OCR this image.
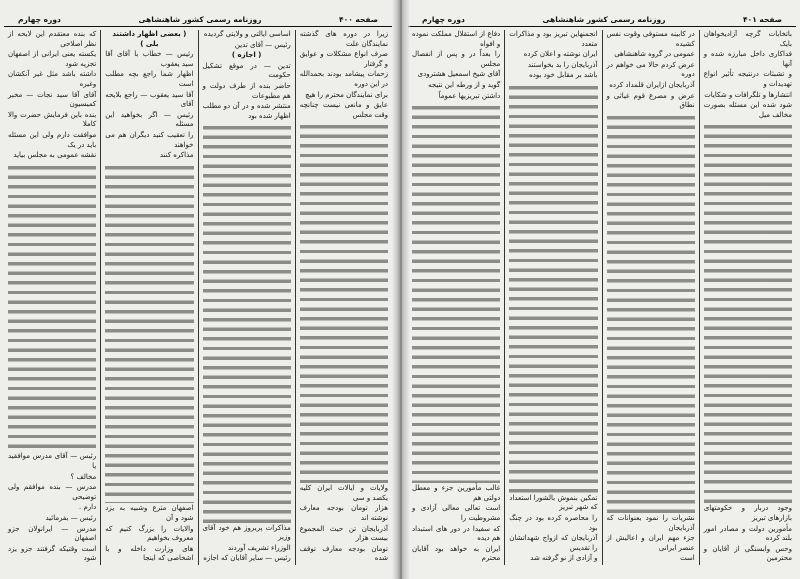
صفحه ۴۰۰
روزنامه رسمی کشور شاهنشاهی
دوره چهارم

زیرا در دوره های گذشته نمایندگان علت

صرف انواع مشکلات و عوایق و گرفتار

زحمات پیشامد بودند بحمدالله در این دوره

برای نمایندگان محترم را هیچ

عایق و مانعی نیست چنانچه وقت مجلس

ولایات و ایالات ایران کلیه یکصد و سی

هزار تومان بودجه معارف نوشته اند

آذربایجان تن حیث المجموع بیست هزار

تومان بودجه معارف توقف شده

اساسی ایالتی و ولایتی گردیده

رئیس — آقای تدین

( اجازه )

تدین — در موقع تشکیل حکومت

حاضر بنده از طرف دولت و هم مطبوعات

منتشر شده و در آن دو مطلب اظهار شده بود

مذاکرات پریروز هم خود آقای وزیر

الوزراء تشریف آوردند

رئیس — سایر آقایان که اجازه

( بعضی اظهار داشتند بلی )

رئیس — خطاب با آقای آقا سید یعقوب

اظهار شما راجع بچه مطلب است

آقا سید یعقوب — راجع بلایحه آقای

رئیس — اگر بخواهید این مسئله

را تعقیب کنید دیگران هم می خواهند

مذاکره کنند

اصفهان مترع وشبیه به یزد شود و آن

والایات را بزرگ کنیم که معروف بخواهیم

های وزارت داخله و با اشخاصی که اینجا

که بنده معتقدم این لایحه از نظر اصلاحی

یکسته یعنی ایرانی از اصفهان تجزیه شود

داشته باشد مثل غیر آنکشان وغیره

آقای آقا سید نجات — مخبر کمیسیون

بنده باین فرمایش حضرت والا کاملا

موافقت دارم ولی این مسئله باید در یک

نقشه عمومی به مجلس بیاید

رئیس — آقای مدرس موافقید یا

مخالف ؟

مدرس — بنده موافقم ولی توضیحی

دارم .

رئیس — بفرمائید

مدرس — ایرانولان جزو اصفهان

است وقتیکه گرفتند جزو یزد شود

صفحه ۴۰۱
روزنامه رسمی کشور شاهنشاهی
دوره چهارم

باتخابات گرچه آزادیخواهان بایک

فداکاری داخل مبارزه شده و آنها

و تشبثات درنتیجه تأثیر انواع تهدیدات و

انتشارها و تلگرافات و شکایات

شود شده این مسئله بصورت مخالف میل

وجود دربار و حکومتهای بازارهای تبریز

مأمورین دولت و مصادر امور بلند کرده

وحس وابستگی از آقایان و محترمین

در کابینه مستوفی وقوت نفس کشیده

عمومی در گروه شاهنشاهی

عرض کردم حالا می خواهم در دوره

آذربایجان ازایران قلمداد کرده

عرض و مصرع قوم غیاثی و نطاق

نشریات را نمود بعنوانات که آذربایجان

جزء مهم ایران و اعالیش از عنصر ایرانی

است

انجمنهاین تبریز بود و مذاکرات متعدد

ایران نوشته و اعلان کرده

آذربایجان را بد بخواستند

باشد بر مقابل خود بوده

تمکین بنموش بالشورا استعداد که شهر تبریز

را محاصره کرده بود در چنگ بود

آذربایجان که ازواج شهداتشان را تقدیس

و آزادی از نو گرفته شد

دفاع از استقلال مملکت نموده و افواه

را بعداً در و پس از انفصال مجلس

آقای شیخ اسمعیل هشترودی

گوید و از ورطه این نتیجه

داشتن تبریزیها عموماً

غالب مأمورین جزء و معطل دولتی هم

است تعالی معالی آزادی و مشروطیت را

که سفیدا در دور های استبداد هم دیده

ایران به خواهد بود آقایان محترم
